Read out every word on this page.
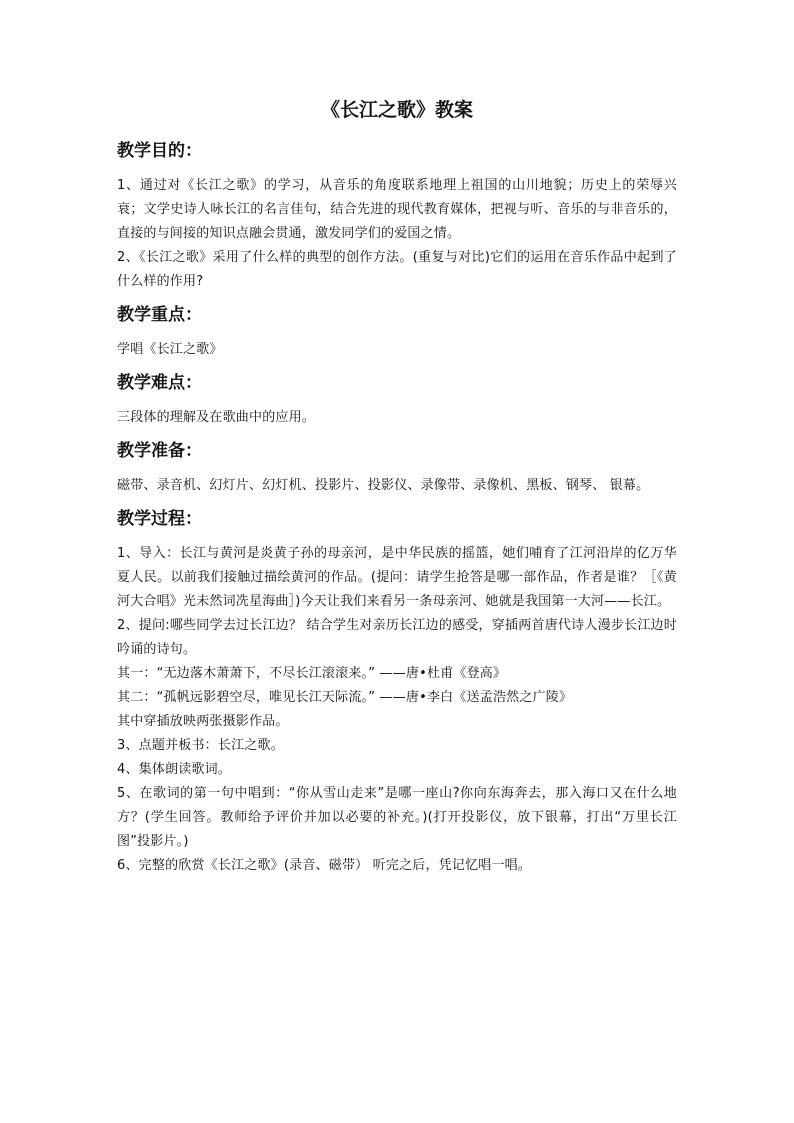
《长江之歌》教案
教学目的：

1、通过对《长江之歌》的学习，从音乐的角度联系地理上祖国的山川地貌；历史上的荣辱兴衰；文学史诗人咏长江的名言佳句，结合先进的现代教育媒体，把视与听、音乐的与非音乐的，直接的与间接的知识点融会贯通，激发同学们的爱国之情。

2、《长江之歌》采用了什么样的典型的创作方法。(重复与对比)它们的运用在音乐作品中起到了什么样的作用?

教学重点：

学唱《长江之歌》

教学难点：

三段体的理解及在歌曲中的应用。

教学准备：

磁带、录音机、幻灯片、幻灯机、投影片、投影仪、录像带、录像机、黑板、钢琴、 银幕。

教学过程：

1、导入：长江与黄河是炎黄子孙的母亲河，是中华民族的摇篮，她们哺育了江河沿岸的亿万华夏人民。以前我们接触过描绘黄河的作品。(提问：请学生抢答是哪一部作品，作者是谁？［《黄河大合唱》光未然词冼星海曲］)今天让我们来看另一条母亲河、她就是我国第一大河——长江。

2、提问:哪些同学去过长江边？ 结合学生对亲历长江边的感受，穿插两首唐代诗人漫步长江边时吟诵的诗句。

其一：“无边落木萧萧下，不尽长江滚滚来。” ——唐•杜甫《登高》

其二：“孤帆远影碧空尽，唯见长江天际流。” ——唐•李白《送孟浩然之广陵》

其中穿插放映两张摄影作品。

3、点题并板书：长江之歌。

4、集体朗读歌词。

5、在歌词的第一句中唱到：“你从雪山走来”是哪一座山?你向东海奔去，那入海口又在什么地方？(学生回答。教师给予评价并加以必要的补充。)(打开投影仪，放下银幕，打出“万里长江图”投影片。)

6、完整的欣赏《长江之歌》(录音、磁带） 听完之后，凭记忆唱一唱。
